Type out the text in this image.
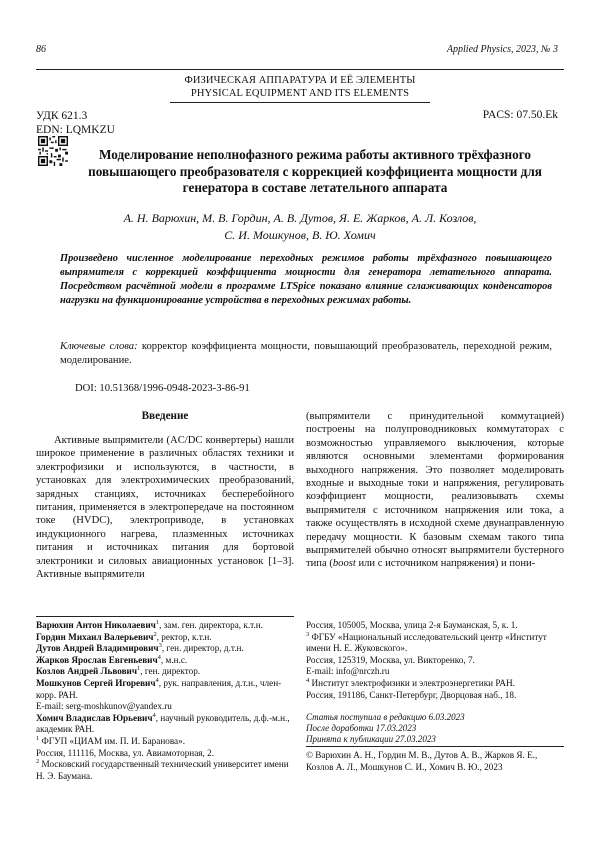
86	Applied Physics, 2023, № 3
ФИЗИЧЕСКАЯ АППАРАТУРА И ЕЁ ЭЛЕМЕНТЫ
PHYSICAL EQUIPMENT AND ITS ELEMENTS
УДК 621.3
EDN: LQMKZU
PACS: 07.50.Ek
Моделирование неполнофазного режима работы активного трёхфазного повышающего преобразователя с коррекцией коэффициента мощности для генератора в составе летательного аппарата
А. Н. Варюхин, М. В. Гордин, А. В. Дутов, Я. Е. Жарков, А. Л. Козлов,
С. И. Мошкунов, В. Ю. Хомич
Произведено численное моделирование переходных режимов работы трёхфазного повышающего выпрямителя с коррекцией коэффициента мощности для генератора летательного аппарата. Посредством расчётной модели в программе LTSpice показано влияние сглаживающих конденсаторов нагрузки на функционирование устройства в переходных режимах работы.
Ключевые слова: корректор коэффициента мощности, повышающий преобразователь, переходной режим, моделирование.
DOI: 10.51368/1996-0948-2023-3-86-91
Введение
Активные выпрямители (AC/DC конвертеры) нашли широкое применение в различных областях техники и электрофизики и используются, в частности, в установках для электрохимических преобразований, зарядных станциях, источниках бесперебойного питания, применяется в электропередаче на постоянном токе (HVDC), электроприводе, в установках индукционного нагрева, плазменных источниках питания и источниках питания для бортовой электроники и силовых авиационных установок [1–3]. Активные выпрямители
(выпрямители с принудительной коммутацией) построены на полупроводниковых коммутаторах с возможностью управляемого выключения, которые являются основными элементами формирования выходного напряжения. Это позволяет моделировать входные и выходные токи и напряжения, регулировать коэффициент мощности, реализовывать схемы выпрямителя с источником напряжения или тока, а также осуществлять в исходной схеме двунаправленную передачу мощности. К базовым схемам такого типа выпрямителей обычно относят выпрямители бустерного типа (boost или с источником напряжения) и пони-
Варюхин Антон Николаевич$^1$, зам. ген. директора, к.т.н.
Гордин Михаил Валерьевич$^2$, ректор, к.т.н.
Дутов Андрей Владимирович$^3$, ген. директор, д.т.н.
Жарков Ярослав Евгеньевич$^4$, м.н.с.
Козлов Андрей Львович$^1$, ген. директор.
Мошкунов Сергей Игоревич$^4$, рук. направления, д.т.н., член-корр. РАН.
E-mail: serg-moshkunov@yandex.ru
Хомич Владислав Юрьевич$^4$, научный руководитель, д.ф.-м.н., академик РАН.
$^1$ ФГУП «ЦИАМ им. П. И. Баранова».
Россия, 111116, Москва, ул. Авиамоторная, 2.
$^2$ Московский государственный технический университет имени Н. Э. Баумана.
Россия, 105005, Москва, улица 2-я Бауманская, 5, к. 1.
$^3$ ФГБУ «Национальный исследовательский центр «Институт имени Н. Е. Жуковского».
Россия, 125319, Москва, ул. Викторенко, 7.
E-mail: info@nrczh.ru
$^4$ Институт электрофизики и электроэнергетики РАН.
Россия, 191186, Санкт-Петербург, Дворцовая наб., 18.
Статья поступила в редакцию 6.03.2023
После доработки 17.03.2023
Принята к публикации 27.03.2023
© Варюхин А. Н., Гордин М. В., Дутов А. В., Жарков Я. Е., Козлов А. Л., Мошкунов С. И., Хомич В. Ю., 2023
